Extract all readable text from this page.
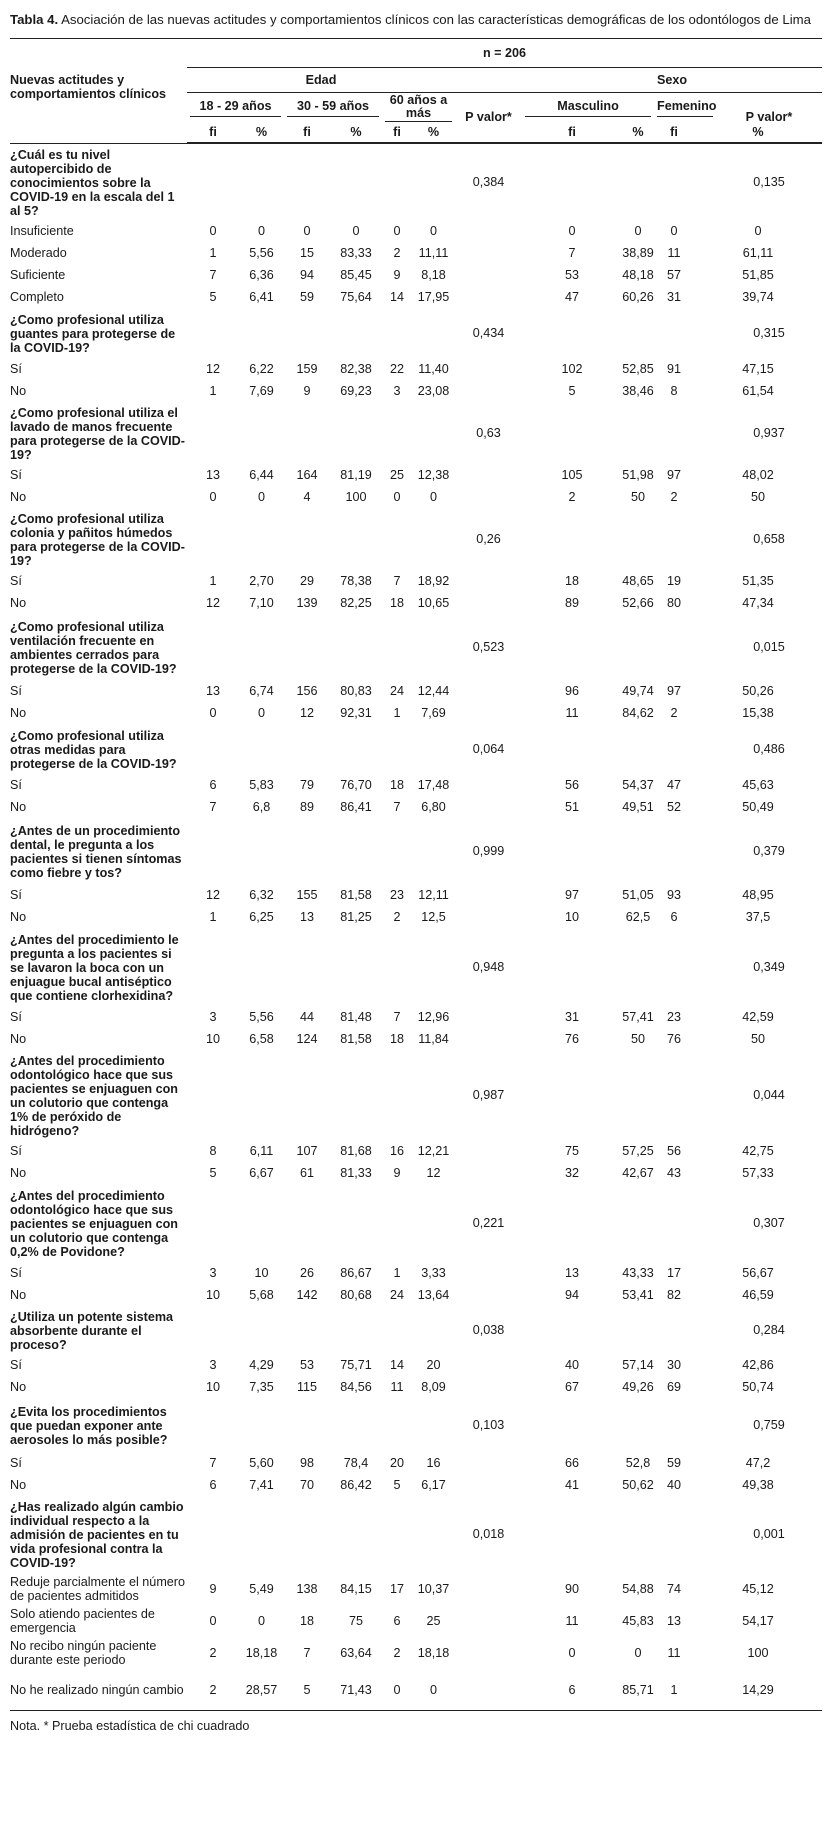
Tabla 4. Asociación de las nuevas actitudes y comportamientos clínicos con las características demográficas de los odontólogos de Lima

	n = 206												
Nuevas actitudes y comportamientos clínicos	Edad							Sexo					

	18 - 29 años		30 - 59 años		60 años a más		P valor*	Masculino		Femenino		P valor*	
	fi	%	fi	%	fi	%		fi	%	fi	%		

¿Cuál es tu nivel autopercibido de conocimientos sobre la COVID-19 en la escala del 1 al 5?							0,384					0,135	
Insuficiente	0	0	0	0	0	0		0	0	0	0		
Moderado	1	5,56	15	83,33	2	11,11		7	38,89	11	61,11		
Suficiente	7	6,36	94	85,45	9	8,18		53	48,18	57	51,85		
Completo	5	6,41	59	75,64	14	17,95		47	60,26	31	39,74		
¿Como profesional utiliza guantes para protegerse de la COVID-19?							0,434					0,315	
Sí	12	6,22	159	82,38	22	11,40		102	52,85	91	47,15		
No	1	7,69	9	69,23	3	23,08		5	38,46	8	61,54		
¿Como profesional utiliza el lavado de manos frecuente para protegerse de la COVID-19?							0,63					0,937	
Sí	13	6,44	164	81,19	25	12,38		105	51,98	97	48,02		
No	0	0	4	100	0	0		2	50	2	50		
¿Como profesional utiliza colonia y pañitos húmedos para protegerse de la COVID-19?							0,26					0,658	
Sí	1	2,70	29	78,38	7	18,92		18	48,65	19	51,35		
No	12	7,10	139	82,25	18	10,65		89	52,66	80	47,34		
¿Como profesional utiliza ventilación frecuente en ambientes cerrados para protegerse de la COVID-19?							0,523					0,015	
Sí	13	6,74	156	80,83	24	12,44		96	49,74	97	50,26		
No	0	0	12	92,31	1	7,69		11	84,62	2	15,38		
¿Como profesional utiliza otras medidas para protegerse de la COVID-19?							0,064					0,486	
Sí	6	5,83	79	76,70	18	17,48		56	54,37	47	45,63		
No	7	6,8	89	86,41	7	6,80		51	49,51	52	50,49		
¿Antes de un procedimiento dental, le pregunta a los pacientes si tienen síntomas como fiebre y tos?							0,999					0,379	
Sí	12	6,32	155	81,58	23	12,11		97	51,05	93	48,95		
No	1	6,25	13	81,25	2	12,5		10	62,5	6	37,5		
¿Antes del procedimiento le pregunta a los pacientes si se lavaron la boca con un enjuague bucal antiséptico que contiene clorhexidina?							0,948					0,349	
Sí	3	5,56	44	81,48	7	12,96		31	57,41	23	42,59		
No	10	6,58	124	81,58	18	11,84		76	50	76	50		
¿Antes del procedimiento odontológico hace que sus pacientes se enjuaguen con un colutorio que contenga 1% de peróxido de hidrógeno?							0,987					0,044	
Sí	8	6,11	107	81,68	16	12,21		75	57,25	56	42,75		
No	5	6,67	61	81,33	9	12		32	42,67	43	57,33		
¿Antes del procedimiento odontológico hace que sus pacientes se enjuaguen con un colutorio que contenga 0,2% de Povidone?							0,221					0,307	
Sí	3	10	26	86,67	1	3,33		13	43,33	17	56,67		
No	10	5,68	142	80,68	24	13,64		94	53,41	82	46,59		
¿Utiliza un potente sistema absorbente durante el proceso?							0,038					0,284	
Sí	3	4,29	53	75,71	14	20		40	57,14	30	42,86		
No	10	7,35	115	84,56	11	8,09		67	49,26	69	50,74		
¿Evita los procedimientos que puedan exponer ante aerosoles lo más posible?							0,103					0,759	
Sí	7	5,60	98	78,4	20	16		66	52,8	59	47,2		
No	6	7,41	70	86,42	5	6,17		41	50,62	40	49,38		
¿Has realizado algún cambio individual respecto a la admisión de pacientes en tu vida profesional contra la COVID-19?							0,018					0,001	
Reduje parcialmente el número de pacientes admitidos	9	5,49	138	84,15	17	10,37		90	54,88	74	45,12		
Solo atiendo pacientes de emergencia	0	0	18	75	6	25		11	45,83	13	54,17		
No recibo ningún paciente durante este periodo	2	18,18	7	63,64	2	18,18		0	0	11	100		
No he realizado ningún cambio	2	28,57	5	71,43	0	0		6	85,71	1	14,29		

Nota. * Prueba estadística de chi cuadrado
